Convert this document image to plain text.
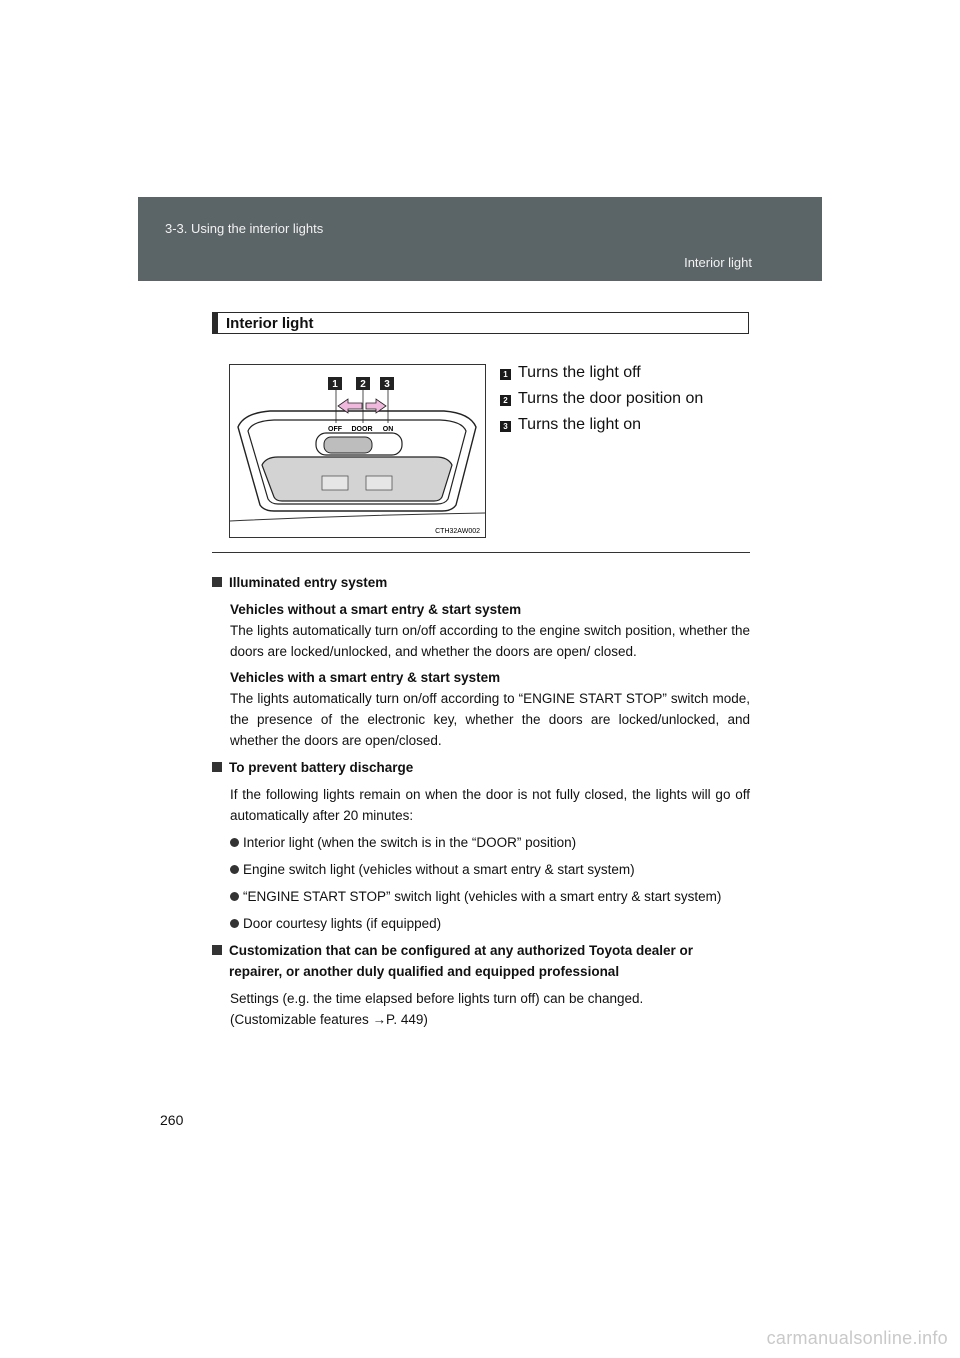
3-3. Using the interior lights
Interior light
Interior light
OFF DOOR ON
1 2 3
CTH32AW002
1 Turns the light off
2 Turns the door position on
3 Turns the light on
Illuminated entry system
Vehicles without a smart entry & start system
The lights automatically turn on/off according to the engine switch position, whether the doors are locked/unlocked, and whether the doors are open/ closed.
Vehicles with a smart entry & start system
The lights automatically turn on/off according to “ENGINE START STOP” switch mode, the presence of the electronic key, whether the doors are locked/unlocked, and whether the doors are open/closed.
To prevent battery discharge
If the following lights remain on when the door is not fully closed, the lights will go off automatically after 20 minutes:
Interior light (when the switch is in the “DOOR” position)
Engine switch light (vehicles without a smart entry & start system)
“ENGINE START STOP” switch light (vehicles with a smart entry & start system)
Door courtesy lights (if equipped)
Customization that can be configured at any authorized Toyota dealer or repairer, or another duly qualified and equipped professional
Settings (e.g. the time elapsed before lights turn off) can be changed.
(Customizable features →P. 449)
260
carmanualsonline.info
